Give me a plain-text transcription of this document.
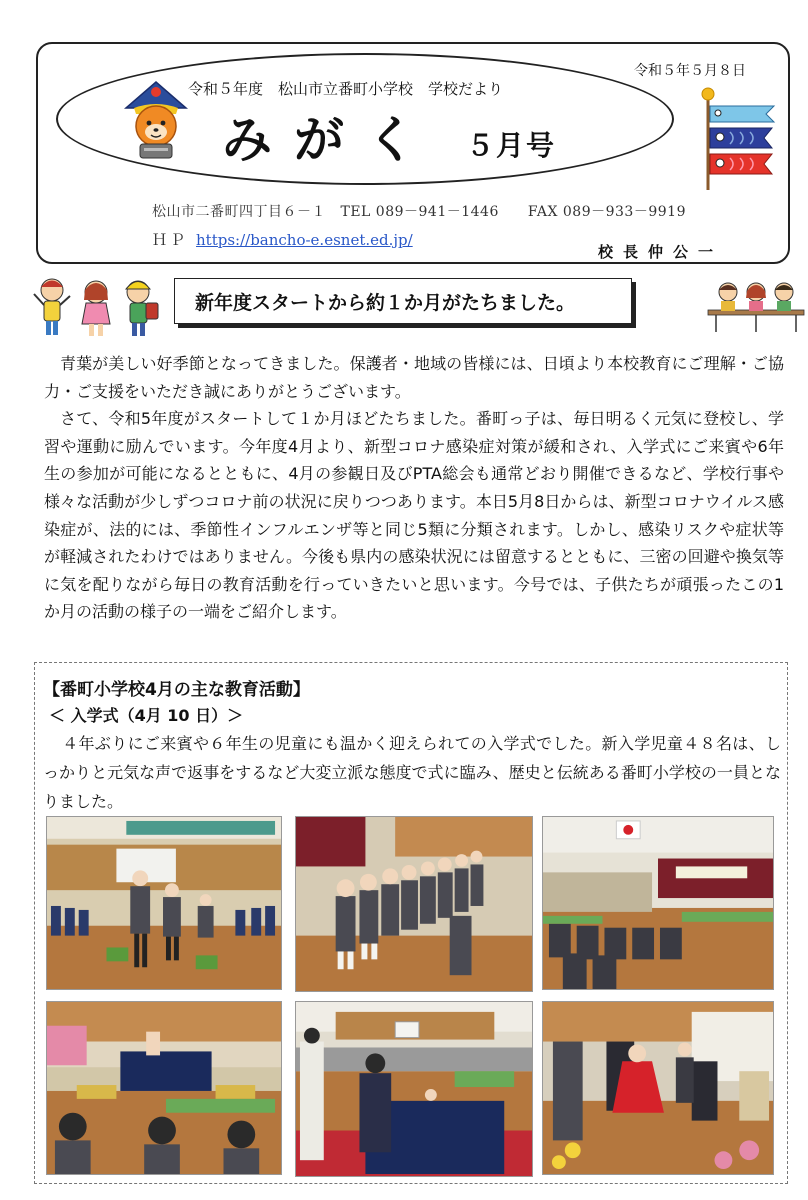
令和５年度　松山市立番町小学校　学校だより
みがく ５月号
令和５年５月８日
松山市二番町四丁目６－１　TEL 089－941－1446　　FAX 089－933－9919
ＨＰ https://bancho-e.esnet.ed.jp/
校長仲公一
新年度スタートから約１か月がたちました。

青葉が美しい好季節となってきました。保護者・地域の皆様には、日頃より本校教育にご理解・ご協力・ご支援をいただき誠にありがとうございます。

さて、令和5年度がスタートして１か月ほどたちました。番町っ子は、毎日明るく元気に登校し、学習や運動に励んでいます。今年度4月より、新型コロナ感染症対策が緩和され、入学式にご来賓や6年生の参加が可能になるとともに、4月の参観日及びPTA総会も通常どおり開催できるなど、学校行事や様々な活動が少しずつコロナ前の状況に戻りつつあります。本日5月8日からは、新型コロナウイルス感染症が、法的には、季節性インフルエンザ等と同じ5類に分類されます。しかし、感染リスクや症状等が軽減されたわけではありません。今後も県内の感染状況には留意するとともに、三密の回避や換気等に気を配りながら毎日の教育活動を行っていきたいと思います。今号では、子供たちが頑張ったこの1か月の活動の様子の一端をご紹介します。

【番町小学校4月の主な教育活動】
＜ 入学式（4月 10 日）＞

４年ぶりにご来賓や６年生の児童にも温かく迎えられての入学式でした。新入学児童４８名は、しっかりと元気な声で返事をするなど大変立派な態度で式に臨み、歴史と伝統ある番町小学校の一員となりました。
